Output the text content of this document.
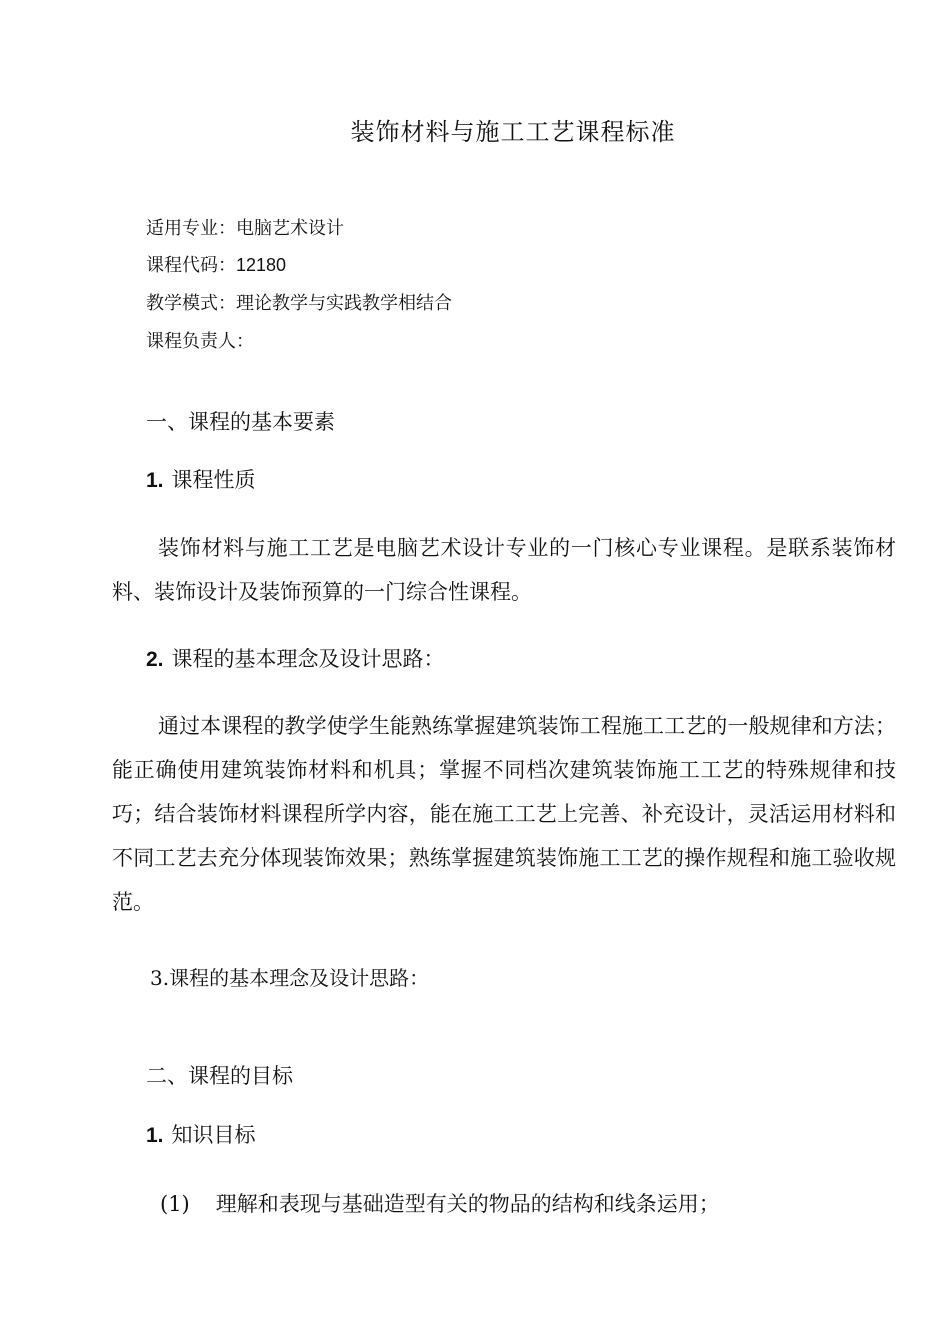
装饰材料与施工工艺课程标准
适用专业：电脑艺术设计
课程代码：12180
教学模式：理论教学与实践教学相结合
课程负责人：
一、课程的基本要素
1. 课程性质
装饰材料与施工工艺是电脑艺术设计专业的一门核心专业课程。是联系装饰材料、装饰设计及装饰预算的一门综合性课程。
2. 课程的基本理念及设计思路：
通过本课程的教学使学生能熟练掌握建筑装饰工程施工工艺的一般规律和方法；能正确使用建筑装饰材料和机具；掌握不同档次建筑装饰施工工艺的特殊规律和技巧；结合装饰材料课程所学内容，能在施工工艺上完善、补充设计，灵活运用材料和不同工艺去充分体现装饰效果；熟练掌握建筑装饰施工工艺的操作规程和施工验收规范。
3.课程的基本理念及设计思路：
二、课程的目标
1. 知识目标
(1) 理解和表现与基础造型有关的物品的结构和线条运用；
